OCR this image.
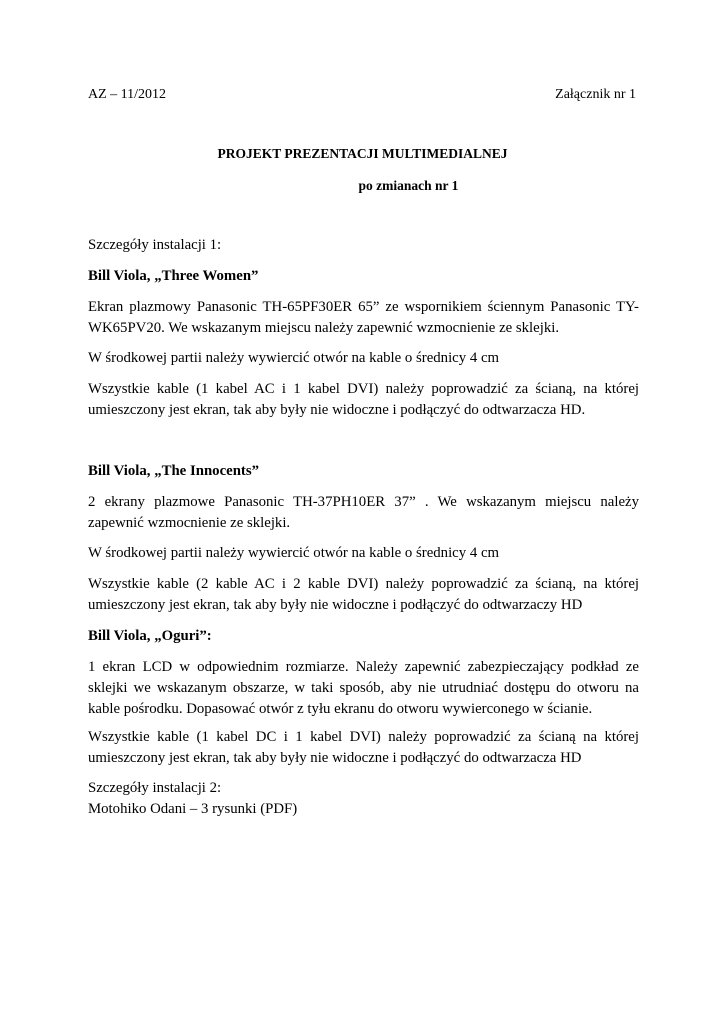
AZ – 11/2012	Załącznik nr 1
PROJEKT PREZENTACJI MULTIMEDIALNEJ
po zmianach nr 1

Szczegóły instalacji 1:

Bill Viola, „Three Women”

Ekran plazmowy Panasonic TH-65PF30ER 65” ze wspornikiem ściennym Panasonic TY-WK65PV20. We wskazanym miejscu należy zapewnić wzmocnienie ze sklejki.

W środkowej partii należy wywiercić otwór na kable o średnicy 4 cm

Wszystkie kable (1 kabel AC i 1 kabel DVI) należy poprowadzić za ścianą, na której umieszczony jest ekran, tak aby były nie widoczne i podłączyć do odtwarzacza HD.

Bill Viola, „The Innocents”

2 ekrany plazmowe Panasonic TH-37PH10ER 37” . We wskazanym miejscu należy zapewnić wzmocnienie ze sklejki.

W środkowej partii należy wywiercić otwór na kable o średnicy 4 cm

Wszystkie kable (2 kable AC i 2 kable DVI) należy poprowadzić za ścianą, na której umieszczony jest ekran, tak aby były nie widoczne i podłączyć do odtwarzaczy HD

Bill Viola, „Oguri”:

1 ekran LCD w odpowiednim rozmiarze. Należy zapewnić zabezpieczający podkład ze sklejki we wskazanym obszarze, w taki sposób, aby nie utrudniać dostępu do otworu na kable pośrodku. Dopasować otwór z tyłu ekranu do otworu wywierconego w ścianie.

Wszystkie kable (1 kabel DC i 1 kabel DVI) należy poprowadzić za ścianą na której umieszczony jest ekran, tak aby były nie widoczne i podłączyć do odtwarzacza HD

Szczegóły instalacji 2:

Motohiko Odani – 3 rysunki (PDF)
